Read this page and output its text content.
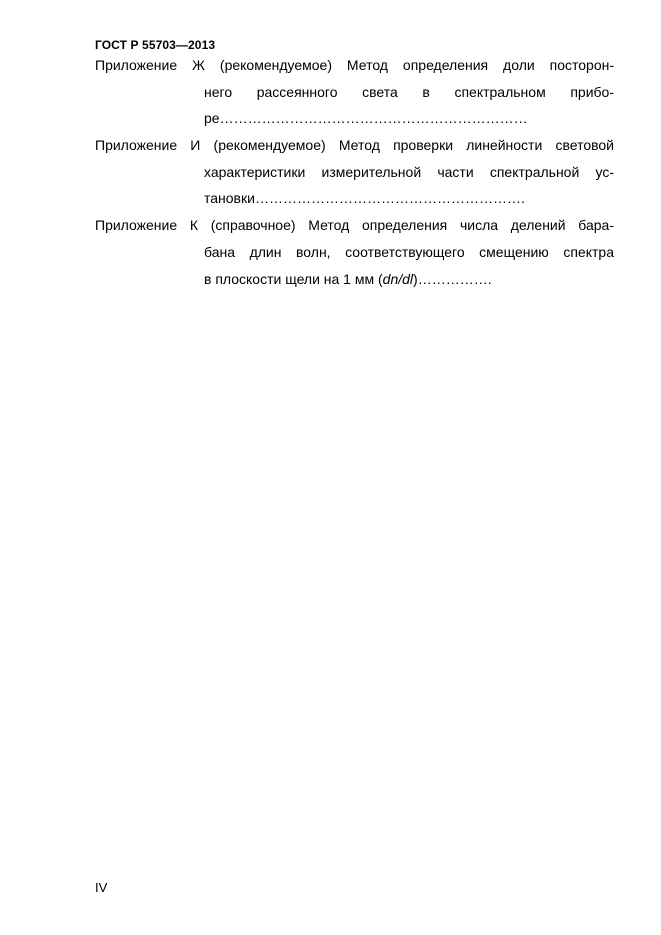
ГОСТ Р 55703—2013
Приложение Ж (рекомендуемое) Метод определения доли посторон-
него рассеянного света в спектральном прибо-
ре…………………………………………………………
Приложение И (рекомендуемое) Метод проверки линейности световой
характеристики измерительной части спектральной ус-
тановки………………………………………………….
Приложение К (справочное) Метод определения числа делений бара-
бана длин волн, соответствующего смещению спектра
в плоскости щели на 1 мм (dn/dl)…………….
IV
